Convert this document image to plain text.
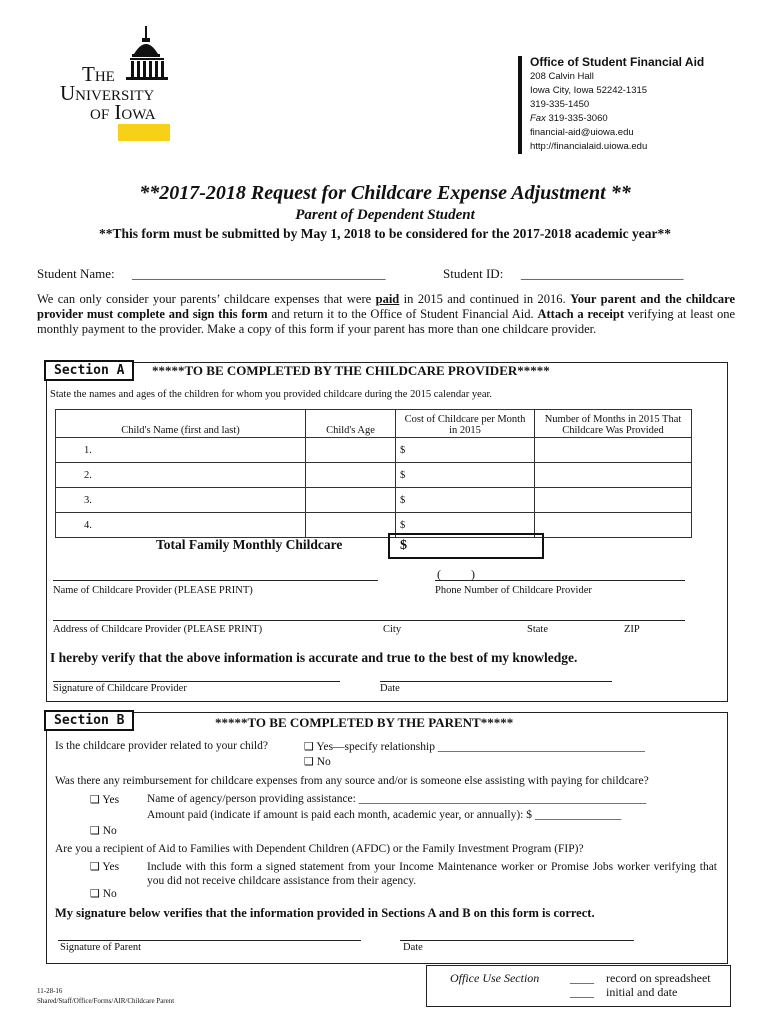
The
University
of Iowa
Office of Student Financial Aid
208 Calvin Hall
Iowa City, Iowa 52242-1315
319-335-1450
Fax 319-335-3060
financial-aid@uiowa.edu
http://financialaid.uiowa.edu
**2017-2018 Request for Childcare Expense Adjustment **
Parent of Dependent Student
**This form must be submitted by May 1, 2018 to be considered for the 2017-2018 academic year**
Student Name: _______________________________________	Student ID: _________________________
We can only consider your parents’ childcare expenses that were paid in 2015 and continued in 2016. Your parent and the childcare provider must complete and sign this form and return it to the Office of Student Financial Aid. Attach a receipt verifying at least one monthly payment to the provider. Make a copy of this form if your parent has more than one childcare provider.
Section A	*****TO BE COMPLETED BY THE CHILDCARE PROVIDER*****
State the names and ages of the children for whom you provided childcare during the 2015 calendar year.
Child's Name (first and last)	Child's Age	Cost of Childcare per Month in 2015	Number of Months in 2015 That Childcare Was Provided
1.		$	
2.		$	
3.		$	
4.		$	
Total Family Monthly Childcare	$
(          )
Name of Childcare Provider (PLEASE PRINT)	Phone Number of Childcare Provider
Address of Childcare Provider (PLEASE PRINT)	City	State	ZIP
I hereby verify that the above information is accurate and true to the best of my knowledge.
Signature of Childcare Provider	Date
Section B	*****TO BE COMPLETED BY THE PARENT*****
Is the childcare provider related to your child?	❑ Yes—specify relationship ____________________________________
❑ No
Was there any reimbursement for childcare expenses from any source and/or is someone else assisting with paying for childcare?
❑ Yes Name of agency/person providing assistance: __________________________________________________
Amount paid (indicate if amount is paid each month, academic year, or annually): $ _______________
❑ No
Are you a recipient of Aid to Families with Dependent Children (AFDC) or the Family Investment Program (FIP)?
❑ Yes Include with this form a signed statement from your Income Maintenance worker or Promise Jobs worker verifying that you did not receive childcare assistance from their agency.
❑ No
My signature below verifies that the information provided in Sections A and B on this form is correct.
Signature of Parent	Date
11-28-16
Shared/Staff/Office/Forms/AIR/Childcare Parent
Office Use Section	____ record on spreadsheet
____ initial and date
